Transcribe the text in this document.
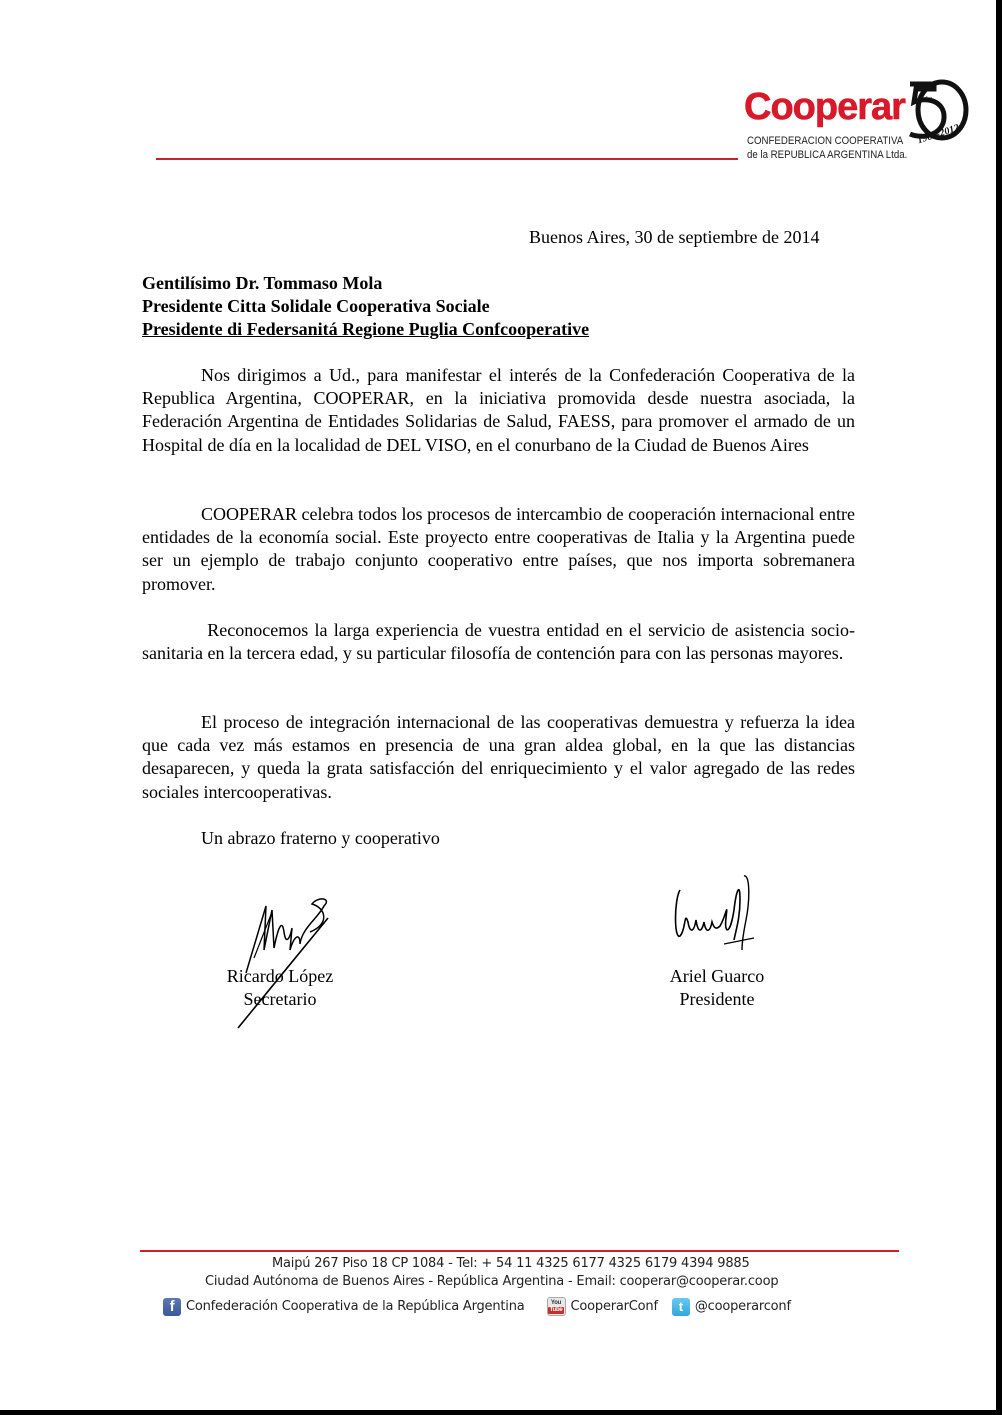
Cooperar	AÑOS
1962-2012
CONFEDERACION COOPERATIVA
de la REPUBLICA ARGENTINA Ltda.
Buenos Aires, 30 de septiembre de 2014
Gentilísimo Dr. Tommaso Mola
Presidente Citta Solidale Cooperativa Sociale
Presidente di Federsanitá Regione Puglia Confcooperative
Nos dirigimos a Ud., para manifestar el interés de la Confederación Cooperativa de la Republica Argentina, COOPERAR, en la iniciativa promovida desde nuestra asociada, la Federación Argentina de Entidades Solidarias de Salud, FAESS, para promover el armado de un Hospital de día en la localidad de DEL VISO, en el conurbano de la Ciudad de Buenos Aires
COOPERAR celebra todos los procesos de intercambio de cooperación internacional entre entidades de la economía social. Este proyecto entre cooperativas de Italia y la Argentina puede ser un ejemplo de trabajo conjunto cooperativo entre países, que nos importa sobremanera promover.
Reconocemos la larga experiencia de vuestra entidad en el servicio de asistencia socio-sanitaria en la tercera edad, y su particular filosofía de contención para con las personas mayores.
El proceso de integración internacional de las cooperativas demuestra y refuerza la idea que cada vez más estamos en presencia de una gran aldea global, en la que las distancias desaparecen, y queda la grata satisfacción del enriquecimiento y el valor agregado de las redes sociales intercooperativas.
Un abrazo fraterno y cooperativo
Ricardo López
Secretario
Ariel Guarco
Presidente
Maipú 267 Piso 18 CP 1084 - Tel: + 54 11 4325 6177 4325 6179 4394 9885
Ciudad Autónoma de Buenos Aires - República Argentina - Email: cooperar@cooperar.coop
f Confederación Cooperativa de la República Argentina	You
Tube CooperarConf	t @cooperarconf
